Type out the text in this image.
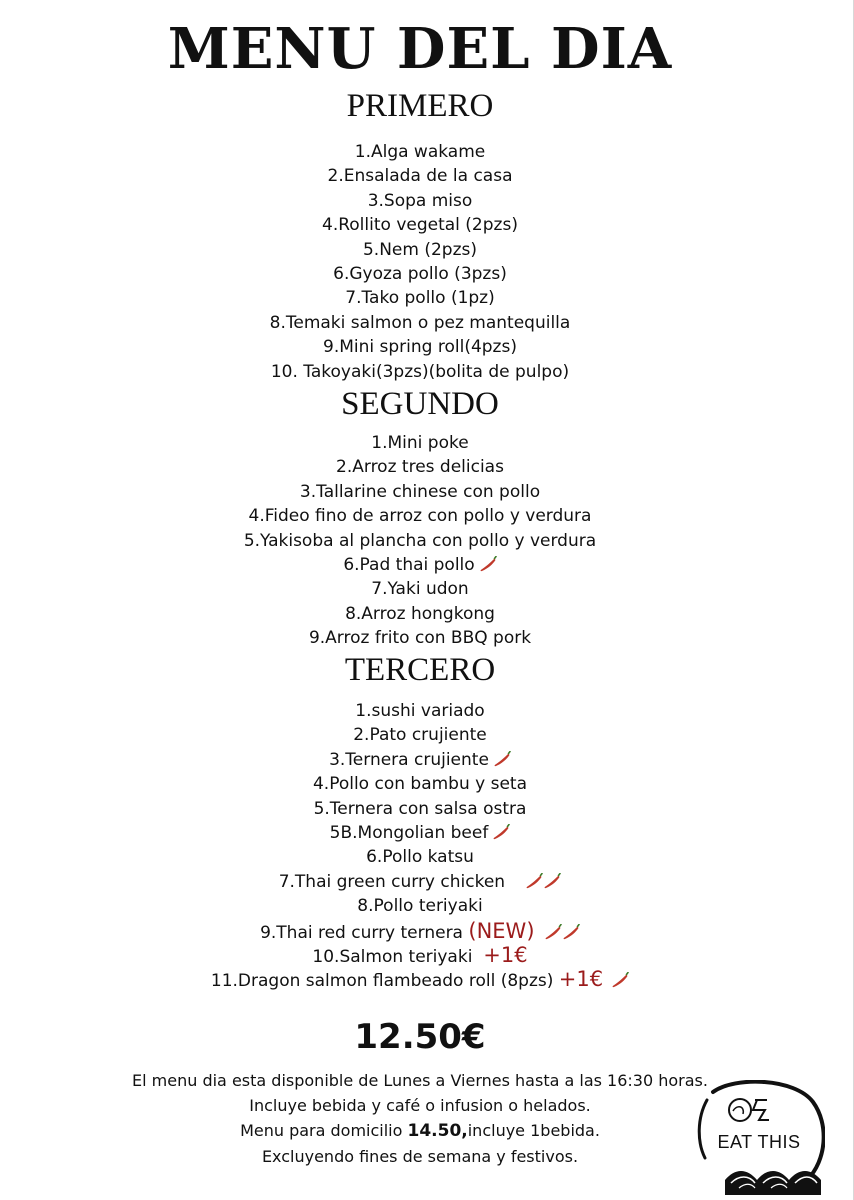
MENU DEL DIA
PRIMERO
1.Alga wakame
2.Ensalada de la casa
3.Sopa miso
4.Rollito vegetal (2pzs)
5.Nem (2pzs)
6.Gyoza pollo (3pzs)
7.Tako pollo (1pz)
8.Temaki salmon o pez mantequilla
9.Mini spring roll(4pzs)
10. Takoyaki(3pzs)(bolita de pulpo)
SEGUNDO
1.Mini poke
2.Arroz tres delicias
3.Tallarine chinese con pollo
4.Fideo fino de arroz con pollo y verdura
5.Yakisoba al plancha con pollo y verdura
6.Pad thai pollo
7.Yaki udon
8.Arroz hongkong
9.Arroz frito con BBQ pork
TERCERO
1.sushi variado
2.Pato crujiente
3.Ternera crujiente
4.Pollo con bambu y seta
5.Ternera con salsa ostra
5B.Mongolian beef
6.Pollo katsu
7.Thai green curry chicken
8.Pollo teriyaki
9.Thai red curry ternera (NEW)
10.Salmon teriyaki +1€
11.Dragon salmon flambeado roll (8pzs) +1€
12.50€
El menu dia esta disponible de Lunes a Viernes hasta a las 16:30 horas.
Incluye bebida y café o infusion o helados.
Menu para domicilio 14.50,incluye 1bebida.
Excluyendo fines de semana y festivos.
EAT THIS
